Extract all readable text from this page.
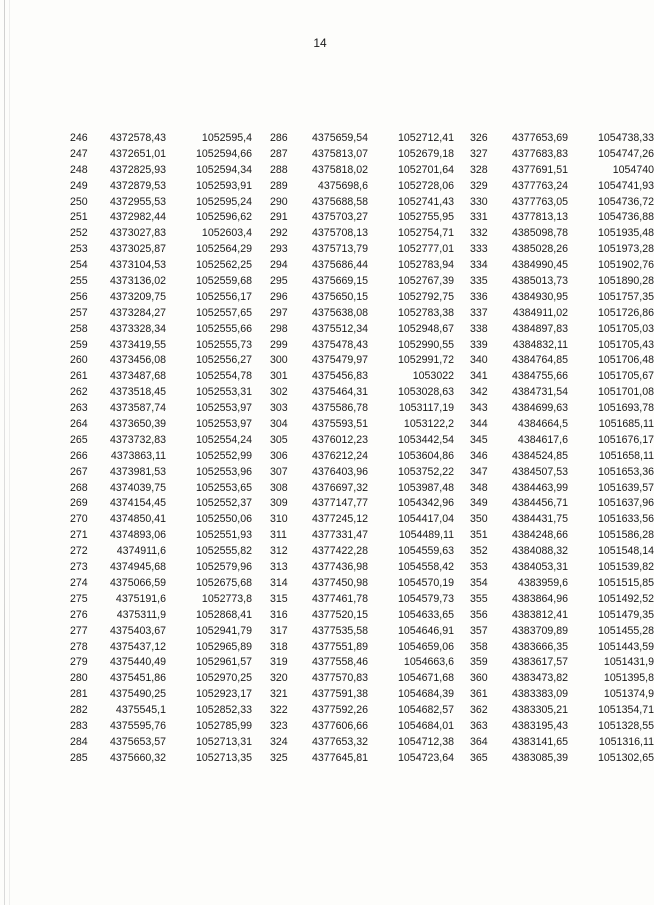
14
246	4372578,43	1052595,4
247	4372651,01	1052594,66
248	4372825,93	1052594,34
249	4372879,53	1052593,91
250	4372955,53	1052595,24
251	4372982,44	1052596,62
252	4373027,83	1052603,4
253	4373025,87	1052564,29
254	4373104,53	1052562,25
255	4373136,02	1052559,68
256	4373209,75	1052556,17
257	4373284,27	1052557,65
258	4373328,34	1052555,66
259	4373419,55	1052555,73
260	4373456,08	1052556,27
261	4373487,68	1052554,78
262	4373518,45	1052553,31
263	4373587,74	1052553,97
264	4373650,39	1052553,97
265	4373732,83	1052554,24
266	4373863,11	1052552,99
267	4373981,53	1052553,96
268	4374039,75	1052553,65
269	4374154,45	1052552,37
270	4374850,41	1052550,06
271	4374893,06	1052551,93
272	4374911,6	1052555,82
273	4374945,68	1052579,96
274	4375066,59	1052675,68
275	4375191,6	1052773,8
276	4375311,9	1052868,41
277	4375403,67	1052941,79
278	4375437,12	1052965,89
279	4375440,49	1052961,57
280	4375451,86	1052970,25
281	4375490,25	1052923,17
282	4375545,1	1052852,33
283	4375595,76	1052785,99
284	4375653,57	1052713,31
285	4375660,32	1052713,35
286	4375659,54	1052712,41
287	4375813,07	1052679,18
288	4375818,02	1052701,64
289	4375698,6	1052728,06
290	4375688,58	1052741,43
291	4375703,27	1052755,95
292	4375708,13	1052754,71
293	4375713,79	1052777,01
294	4375686,44	1052783,94
295	4375669,15	1052767,39
296	4375650,15	1052792,75
297	4375638,08	1052783,38
298	4375512,34	1052948,67
299	4375478,43	1052990,55
300	4375479,97	1052991,72
301	4375456,83	1053022
302	4375464,31	1053028,63
303	4375586,78	1053117,19
304	4375593,51	1053122,2
305	4376012,23	1053442,54
306	4376212,24	1053604,86
307	4376403,96	1053752,22
308	4376697,32	1053987,48
309	4377147,77	1054342,96
310	4377245,12	1054417,04
311	4377331,47	1054489,11
312	4377422,28	1054559,63
313	4377436,98	1054558,42
314	4377450,98	1054570,19
315	4377461,78	1054579,73
316	4377520,15	1054633,65
317	4377535,58	1054646,91
318	4377551,89	1054659,06
319	4377558,46	1054663,6
320	4377570,83	1054671,68
321	4377591,38	1054684,39
322	4377592,26	1054682,57
323	4377606,66	1054684,01
324	4377653,32	1054712,38
325	4377645,81	1054723,64
326	4377653,69	1054738,33
327	4377683,83	1054747,26
328	4377691,51	1054740
329	4377763,24	1054741,93
330	4377763,05	1054736,72
331	4377813,13	1054736,88
332	4385098,78	1051935,48
333	4385028,26	1051973,28
334	4384990,45	1051902,76
335	4385013,73	1051890,28
336	4384930,95	1051757,35
337	4384911,02	1051726,86
338	4384897,83	1051705,03
339	4384832,11	1051705,43
340	4384764,85	1051706,48
341	4384755,66	1051705,67
342	4384731,54	1051701,08
343	4384699,63	1051693,78
344	4384664,5	1051685,11
345	4384617,6	1051676,17
346	4384524,85	1051658,11
347	4384507,53	1051653,36
348	4384463,99	1051639,57
349	4384456,71	1051637,96
350	4384431,75	1051633,56
351	4384248,66	1051586,28
352	4384088,32	1051548,14
353	4384053,31	1051539,82
354	4383959,6	1051515,85
355	4383864,96	1051492,52
356	4383812,41	1051479,35
357	4383709,89	1051455,28
358	4383666,35	1051443,59
359	4383617,57	1051431,9
360	4383473,82	1051395,8
361	4383383,09	1051374,9
362	4383305,21	1051354,71
363	4383195,43	1051328,55
364	4383141,65	1051316,11
365	4383085,39	1051302,65
